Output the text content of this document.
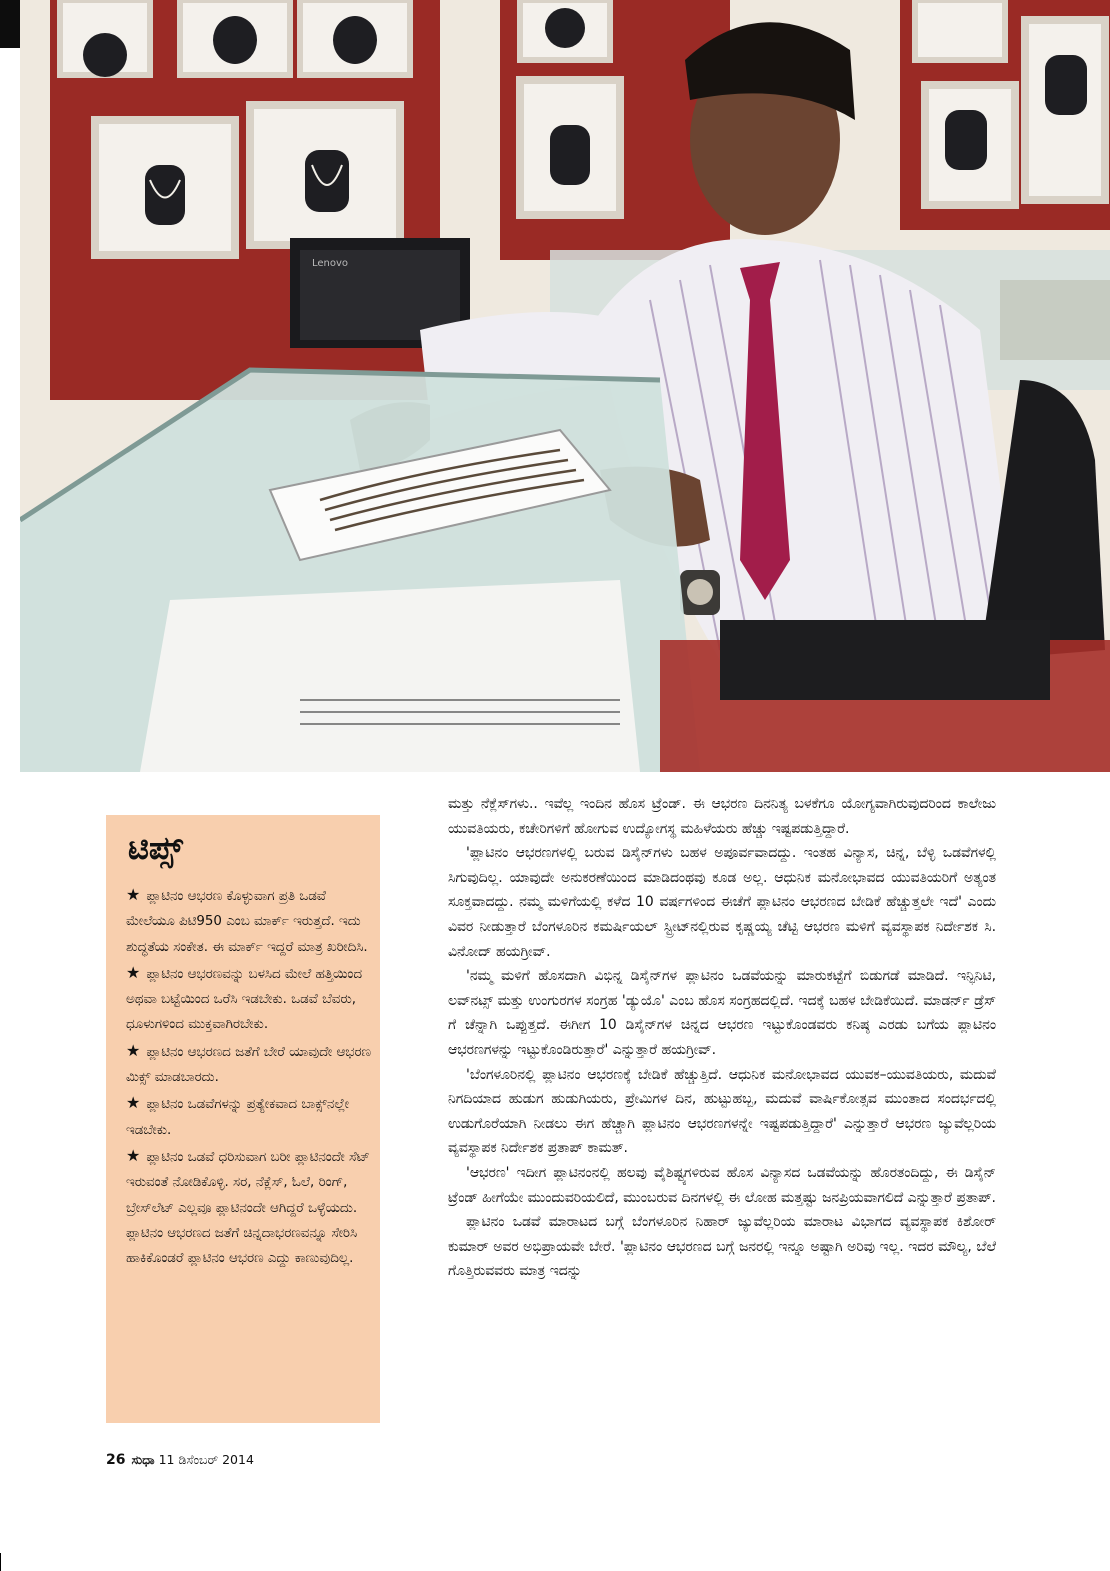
Lenovo
ಟಿಪ್ಸ್
★ ಪ್ಲಾಟಿನಂ ಆಭರಣ ಕೊಳ್ಳುವಾಗ ಪ್ರತಿ ಒಡವೆ ಮೇಲೆಯೂ ಪಿಟಿ950 ಎಂಬ ಮಾರ್ಕ್ ಇರುತ್ತದೆ. ಇದು ಶುದ್ಧತೆಯ ಸಂಕೇತ. ಈ ಮಾರ್ಕ್ ಇದ್ದರೆ ಮಾತ್ರ ಖರೀದಿಸಿ.
★ ಪ್ಲಾಟಿನಂ ಆಭರಣವನ್ನು ಬಳಸಿದ ಮೇಲೆ ಹತ್ತಿಯಿಂದ ಅಥವಾ ಬಟ್ಟೆಯಿಂದ ಒರೆಸಿ ಇಡಬೇಕು. ಒಡವೆ ಬೆವರು, ಧೂಳುಗಳಿಂದ ಮುಕ್ತವಾಗಿರಬೇಕು.
★ ಪ್ಲಾಟಿನಂ ಆಭರಣದ ಜತೆಗೆ ಬೇರೆ ಯಾವುದೇ ಆಭರಣ ಮಿಕ್ಸ್ ಮಾಡಬಾರದು.
★ ಪ್ಲಾಟಿನಂ ಒಡವೆಗಳನ್ನು ಪ್ರತ್ಯೇಕವಾದ ಬಾಕ್ಸ್‌ನಲ್ಲೇ ಇಡಬೇಕು.
★ ಪ್ಲಾಟಿನಂ ಒಡವೆ ಧರಿಸುವಾಗ ಬರೀ ಪ್ಲಾಟಿನಂದೇ ಸೆಟ್ ಇರುವಂತೆ ನೋಡಿಕೊಳ್ಳಿ. ಸರ, ನೆಕ್ಲೆಸ್, ಓಲೆ, ರಿಂಗ್, ಬ್ರೇಸ್‌ಲೆಟ್ ಎಲ್ಲವೂ ಪ್ಲಾಟಿನಂದೇ ಆಗಿದ್ದರೆ ಒಳ್ಳೆಯದು. ಪ್ಲಾಟಿನಂ ಆಭರಣದ ಜತೆಗೆ ಚಿನ್ನದಾಭರಣವನ್ನೂ ಸೇರಿಸಿ ಹಾಕಿಕೊಂಡರೆ ಪ್ಲಾಟಿನಂ ಆಭರಣ ಎದ್ದು ಕಾಣುವುದಿಲ್ಲ.

ಮತ್ತು ನೆಕ್ಲೆಸ್‌ಗಳು.. ಇವೆಲ್ಲ ಇಂದಿನ ಹೊಸ ಟ್ರೆಂಡ್. ಈ ಆಭರಣ ದಿನನಿತ್ಯ ಬಳಕೆಗೂ ಯೋಗ್ಯವಾಗಿರುವುದರಿಂದ ಕಾಲೇಜು ಯುವತಿಯರು, ಕಚೇರಿಗಳಿಗೆ ಹೋಗುವ ಉದ್ಯೋಗಸ್ಥ ಮಹಿಳೆಯರು ಹೆಚ್ಚು ಇಷ್ಟಪಡುತ್ತಿದ್ದಾರೆ.

'ಪ್ಲಾಟಿನಂ ಆಭರಣಗಳಲ್ಲಿ ಬರುವ ಡಿಸೈನ್‌ಗಳು ಬಹಳ ಅಪೂರ್ವವಾದದ್ದು. ಇಂತಹ ವಿನ್ಯಾಸ, ಚಿನ್ನ, ಬೆಳ್ಳಿ ಒಡವೆಗಳಲ್ಲಿ ಸಿಗುವುದಿಲ್ಲ. ಯಾವುದೇ ಅನುಕರಣೆಯಿಂದ ಮಾಡಿದಂಥವು ಕೂಡ ಅಲ್ಲ. ಆಧುನಿಕ ಮನೋಭಾವದ ಯುವತಿಯರಿಗೆ ಅತ್ಯಂತ ಸೂಕ್ತವಾದದ್ದು. ನಮ್ಮ ಮಳಿಗೆಯಲ್ಲಿ ಕಳೆದ 10 ವರ್ಷಗಳಿಂದ ಈಚೆಗೆ ಪ್ಲಾಟಿನಂ ಆಭರಣದ ಬೇಡಿಕೆ ಹೆಚ್ಚುತ್ತಲೇ ಇದೆ' ಎಂದು ವಿವರ ನೀಡುತ್ತಾರೆ ಬೆಂಗಳೂರಿನ ಕಮರ್ಷಿಯಲ್ ಸ್ಟ್ರೀಟ್‌ನಲ್ಲಿರುವ ಕೃಷ್ಣಯ್ಯ ಚೆಟ್ಟಿ ಆಭರಣ ಮಳಿಗೆ ವ್ಯವಸ್ಥಾಪಕ ನಿರ್ದೇಶಕ ಸಿ. ವಿನೋದ್ ಹಯಗ್ರೀವ್.

'ನಮ್ಮ ಮಳಿಗೆ ಹೊಸದಾಗಿ ವಿಭಿನ್ನ ಡಿಸೈನ್‌ಗಳ ಪ್ಲಾಟಿನಂ ಒಡವೆಯನ್ನು ಮಾರುಕಟ್ಟೆಗೆ ಬಿಡುಗಡೆ ಮಾಡಿದೆ. ಇನ್ಫಿನಿಟಿ, ಲವ್‌ನಟ್ಸ್ ಮತ್ತು ಉಂಗುರಗಳ ಸಂಗ್ರಹ 'ಡ್ಯುಯೊ' ಎಂಬ ಹೊಸ ಸಂಗ್ರಹದಲ್ಲಿದೆ. ಇದಕ್ಕೆ ಬಹಳ ಬೇಡಿಕೆಯಿದೆ. ಮಾಡರ್ನ್ ಡ್ರೆಸ್ ಗೆ ಚೆನ್ನಾಗಿ ಒಪ್ಪುತ್ತದೆ. ಈಗೀಗ 10 ಡಿಸೈನ್‌ಗಳ ಚಿನ್ನದ ಆಭರಣ ಇಟ್ಟುಕೊಂಡವರು ಕನಿಷ್ಠ ಎರಡು ಬಗೆಯ ಪ್ಲಾಟಿನಂ ಆಭರಣಗಳನ್ನು ಇಟ್ಟುಕೊಂಡಿರುತ್ತಾರೆ' ಎನ್ನುತ್ತಾರೆ ಹಯಗ್ರೀವ್.

'ಬೆಂಗಳೂರಿನಲ್ಲಿ ಪ್ಲಾಟಿನಂ ಆಭರಣಕ್ಕೆ ಬೇಡಿಕೆ ಹೆಚ್ಚುತ್ತಿದೆ. ಆಧುನಿಕ ಮನೋಭಾವದ ಯುವಕ–ಯುವತಿಯರು, ಮದುವೆ ನಿಗದಿಯಾದ ಹುಡುಗ ಹುಡುಗಿಯರು, ಪ್ರೇಮಿಗಳ ದಿನ, ಹುಟ್ಟುಹಬ್ಬ, ಮದುವೆ ವಾರ್ಷಿಕೋತ್ಸವ ಮುಂತಾದ ಸಂದರ್ಭದಲ್ಲಿ ಉಡುಗೊರೆಯಾಗಿ ನೀಡಲು ಈಗ ಹೆಚ್ಚಾಗಿ ಪ್ಲಾಟಿನಂ ಆಭರಣಗಳನ್ನೇ ಇಷ್ಟಪಡುತ್ತಿದ್ದಾರೆ' ಎನ್ನುತ್ತಾರೆ ಆಭರಣ ಜ್ಯುವೆಲ್ಲರಿಯ ವ್ಯವಸ್ಥಾಪಕ ನಿರ್ದೇಶಕ ಪ್ರತಾಪ್ ಕಾಮತ್.

'ಆಭರಣ' ಇದೀಗ ಪ್ಲಾಟಿನಂನಲ್ಲಿ ಹಲವು ವೈಶಿಷ್ಟ್ಯಗಳಿರುವ ಹೊಸ ವಿನ್ಯಾಸದ ಒಡವೆಯನ್ನು ಹೊರತಂದಿದ್ದು, ಈ ಡಿಸೈನ್ ಟ್ರೆಂಡ್ ಹೀಗೆಯೇ ಮುಂದುವರಿಯಲಿದೆ, ಮುಂಬರುವ ದಿನಗಳಲ್ಲಿ ಈ ಲೋಹ ಮತ್ತಷ್ಟು ಜನಪ್ರಿಯವಾಗಲಿದೆ ಎನ್ನುತ್ತಾರೆ ಪ್ರತಾಪ್.

ಪ್ಲಾಟಿನಂ ಒಡವೆ ಮಾರಾಟದ ಬಗ್ಗೆ ಬೆಂಗಳೂರಿನ ನಿಹಾರ್ ಜ್ಯುವೆಲ್ಲರಿಯ ಮಾರಾಟ ವಿಭಾಗದ ವ್ಯವಸ್ಥಾಪಕ ಕಿಶೋರ್ ಕುಮಾರ್ ಅವರ ಅಭಿಪ್ರಾಯವೇ ಬೇರೆ. 'ಪ್ಲಾಟಿನಂ ಆಭರಣದ ಬಗ್ಗೆ ಜನರಲ್ಲಿ ಇನ್ನೂ ಅಷ್ಟಾಗಿ ಅರಿವು ಇಲ್ಲ. ಇದರ ಮೌಲ್ಯ, ಬೆಲೆ ಗೊತ್ತಿರುವವರು ಮಾತ್ರ ಇದನ್ನು

26 ಸುಧಾ 11 ಡಿಸೆಂಬರ್ 2014
